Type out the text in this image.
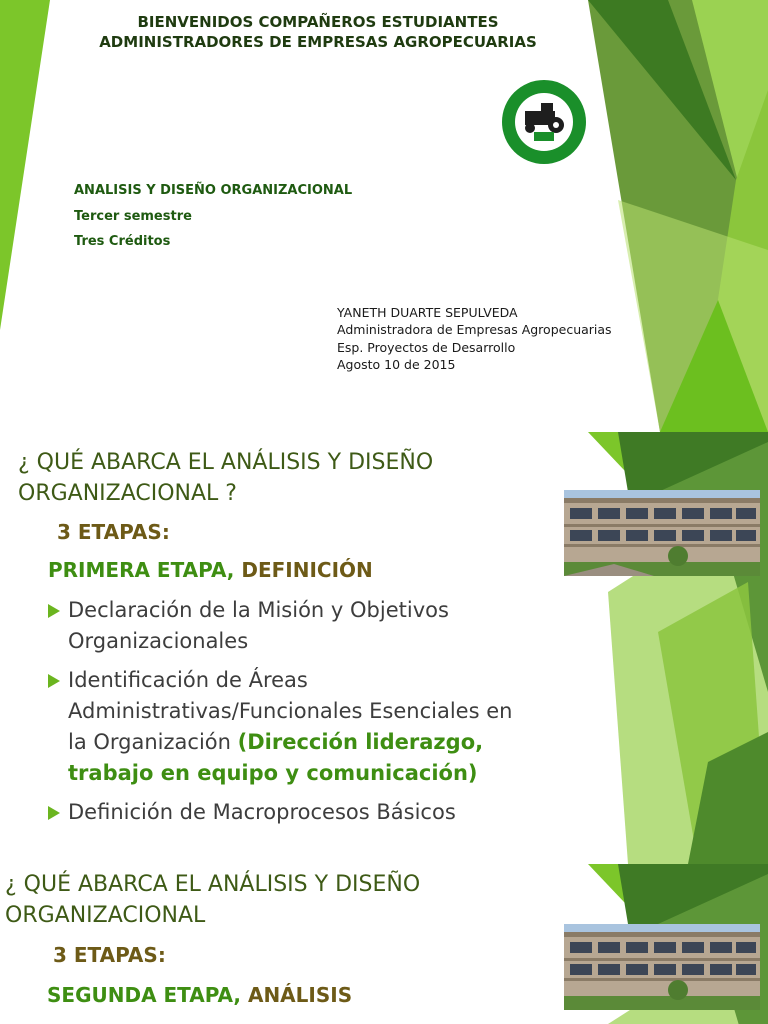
BIENVENIDOS COMPAÑEROS ESTUDIANTES
ADMINISTRADORES DE EMPRESAS AGROPECUARIAS

ANALISIS Y DISEÑO ORGANIZACIONAL

Tercer semestre

Tres Créditos

YANETH DUARTE SEPULVEDA

Administradora de Empresas Agropecuarias

Esp. Proyectos de Desarrollo

Agosto 10 de 2015

¿ QUÉ ABARCA EL ANÁLISIS Y DISEÑO
ORGANIZACIONAL ?

3 ETAPAS:

PRIMERA ETAPA, DEFINICIÓN

Declaración de la Misión y Objetivos
Organizacionales
Identificación de Áreas
Administrativas/Funcionales Esenciales en
la Organización (Dirección liderazgo,
trabajo en equipo y comunicación)
Definición de Macroprocesos Básicos

¿ QUÉ ABARCA EL ANÁLISIS Y DISEÑO
ORGANIZACIONAL

3 ETAPAS:

SEGUNDA ETAPA, ANÁLISIS
